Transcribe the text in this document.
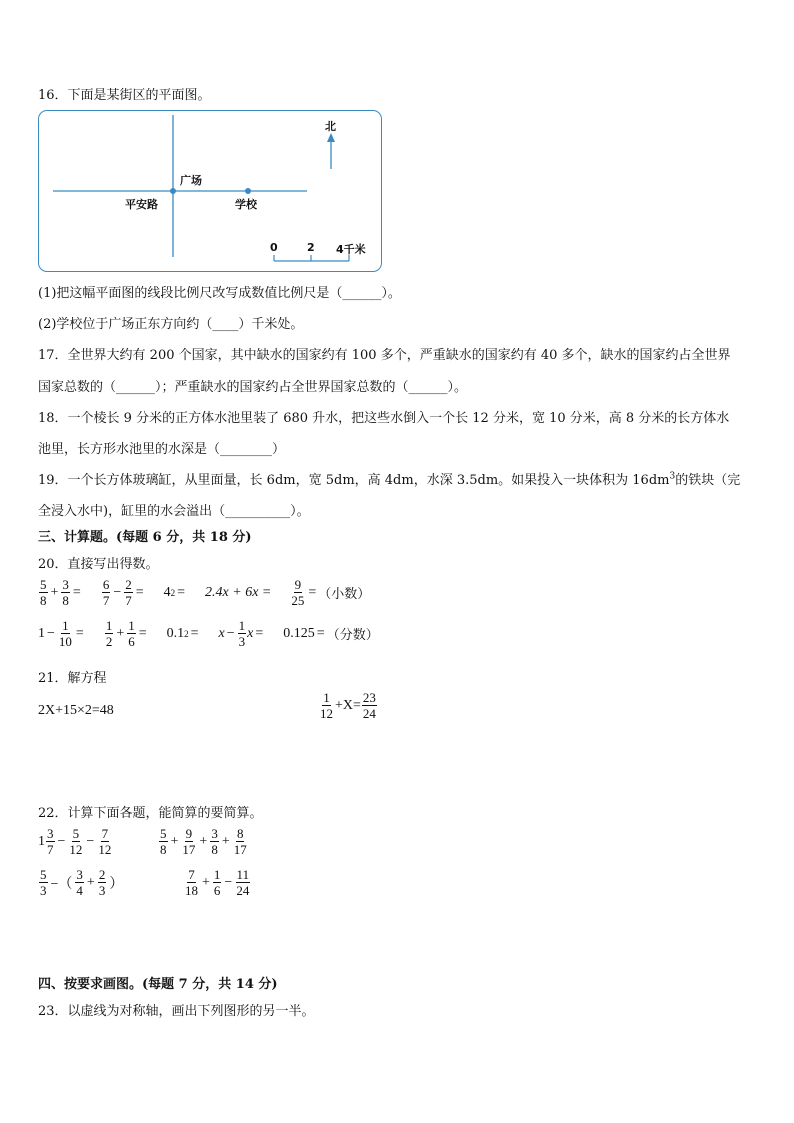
16．下面是某街区的平面图。
北
广场
平安路	学校
0	2 4千米
(1)把这幅平面图的线段比例尺改写成数值比例尺是（______）。
(2)学校位于广场正东方向约（____）千米处。
17．全世界大约有 200 个国家，其中缺水的国家约有 100 多个，严重缺水的国家约有 40 多个，缺水的国家约占全世界
国家总数的（______）；严重缺水的国家约占全世界国家总数的（______）。
18．一个棱长 9 分米的正方体水池里装了 680 升水，把这些水倒入一个长 12 分米，宽 10 分米，高 8 分米的长方体水
池里，长方形水池里的水深是（________）
19．一个长方体玻璃缸，从里面量，长 6dm，宽 5dm，高 4dm，水深 3.5dm。如果投入一块体积为 $16dm^3$的铁块（完
全浸入水中)，缸里的水会溢出（__________）。
三、计算题。(每题 6 分，共 18 分)
20．直接写出得数。
$\frac{5}{8} + \frac{3}{8} = \frac{6}{7} - \frac{2}{7} = 4$ $2 = 2.4x + 6x = \frac{9}{25}$ = （小数）
$1 - \frac{1}{10} = \frac{1}{2} + \frac{1}{6} = 0.1$ $2 = x - \frac{1}{3}$ x = 0.125 = （分数）
21．解方程
2X+15×2=48	$\frac{1}{12} +X= \frac{23}{24}$
22．计算下面各题，能简算的要简算。
$1 \frac{3}{7} - \frac{5}{12} - \frac{7}{12}$	$\frac{5}{8} + \frac{9}{17} + \frac{3}{8} + \frac{8}{17}$
$\frac{5}{3}$ −（ $\frac{3}{4} + \frac{2}{3}$ ）	$\frac{7}{18} + \frac{1}{6} - \frac{11}{24}$
四、按要求画图。(每题 7 分，共 14 分)
23．以虚线为对称轴，画出下列图形的另一半。
